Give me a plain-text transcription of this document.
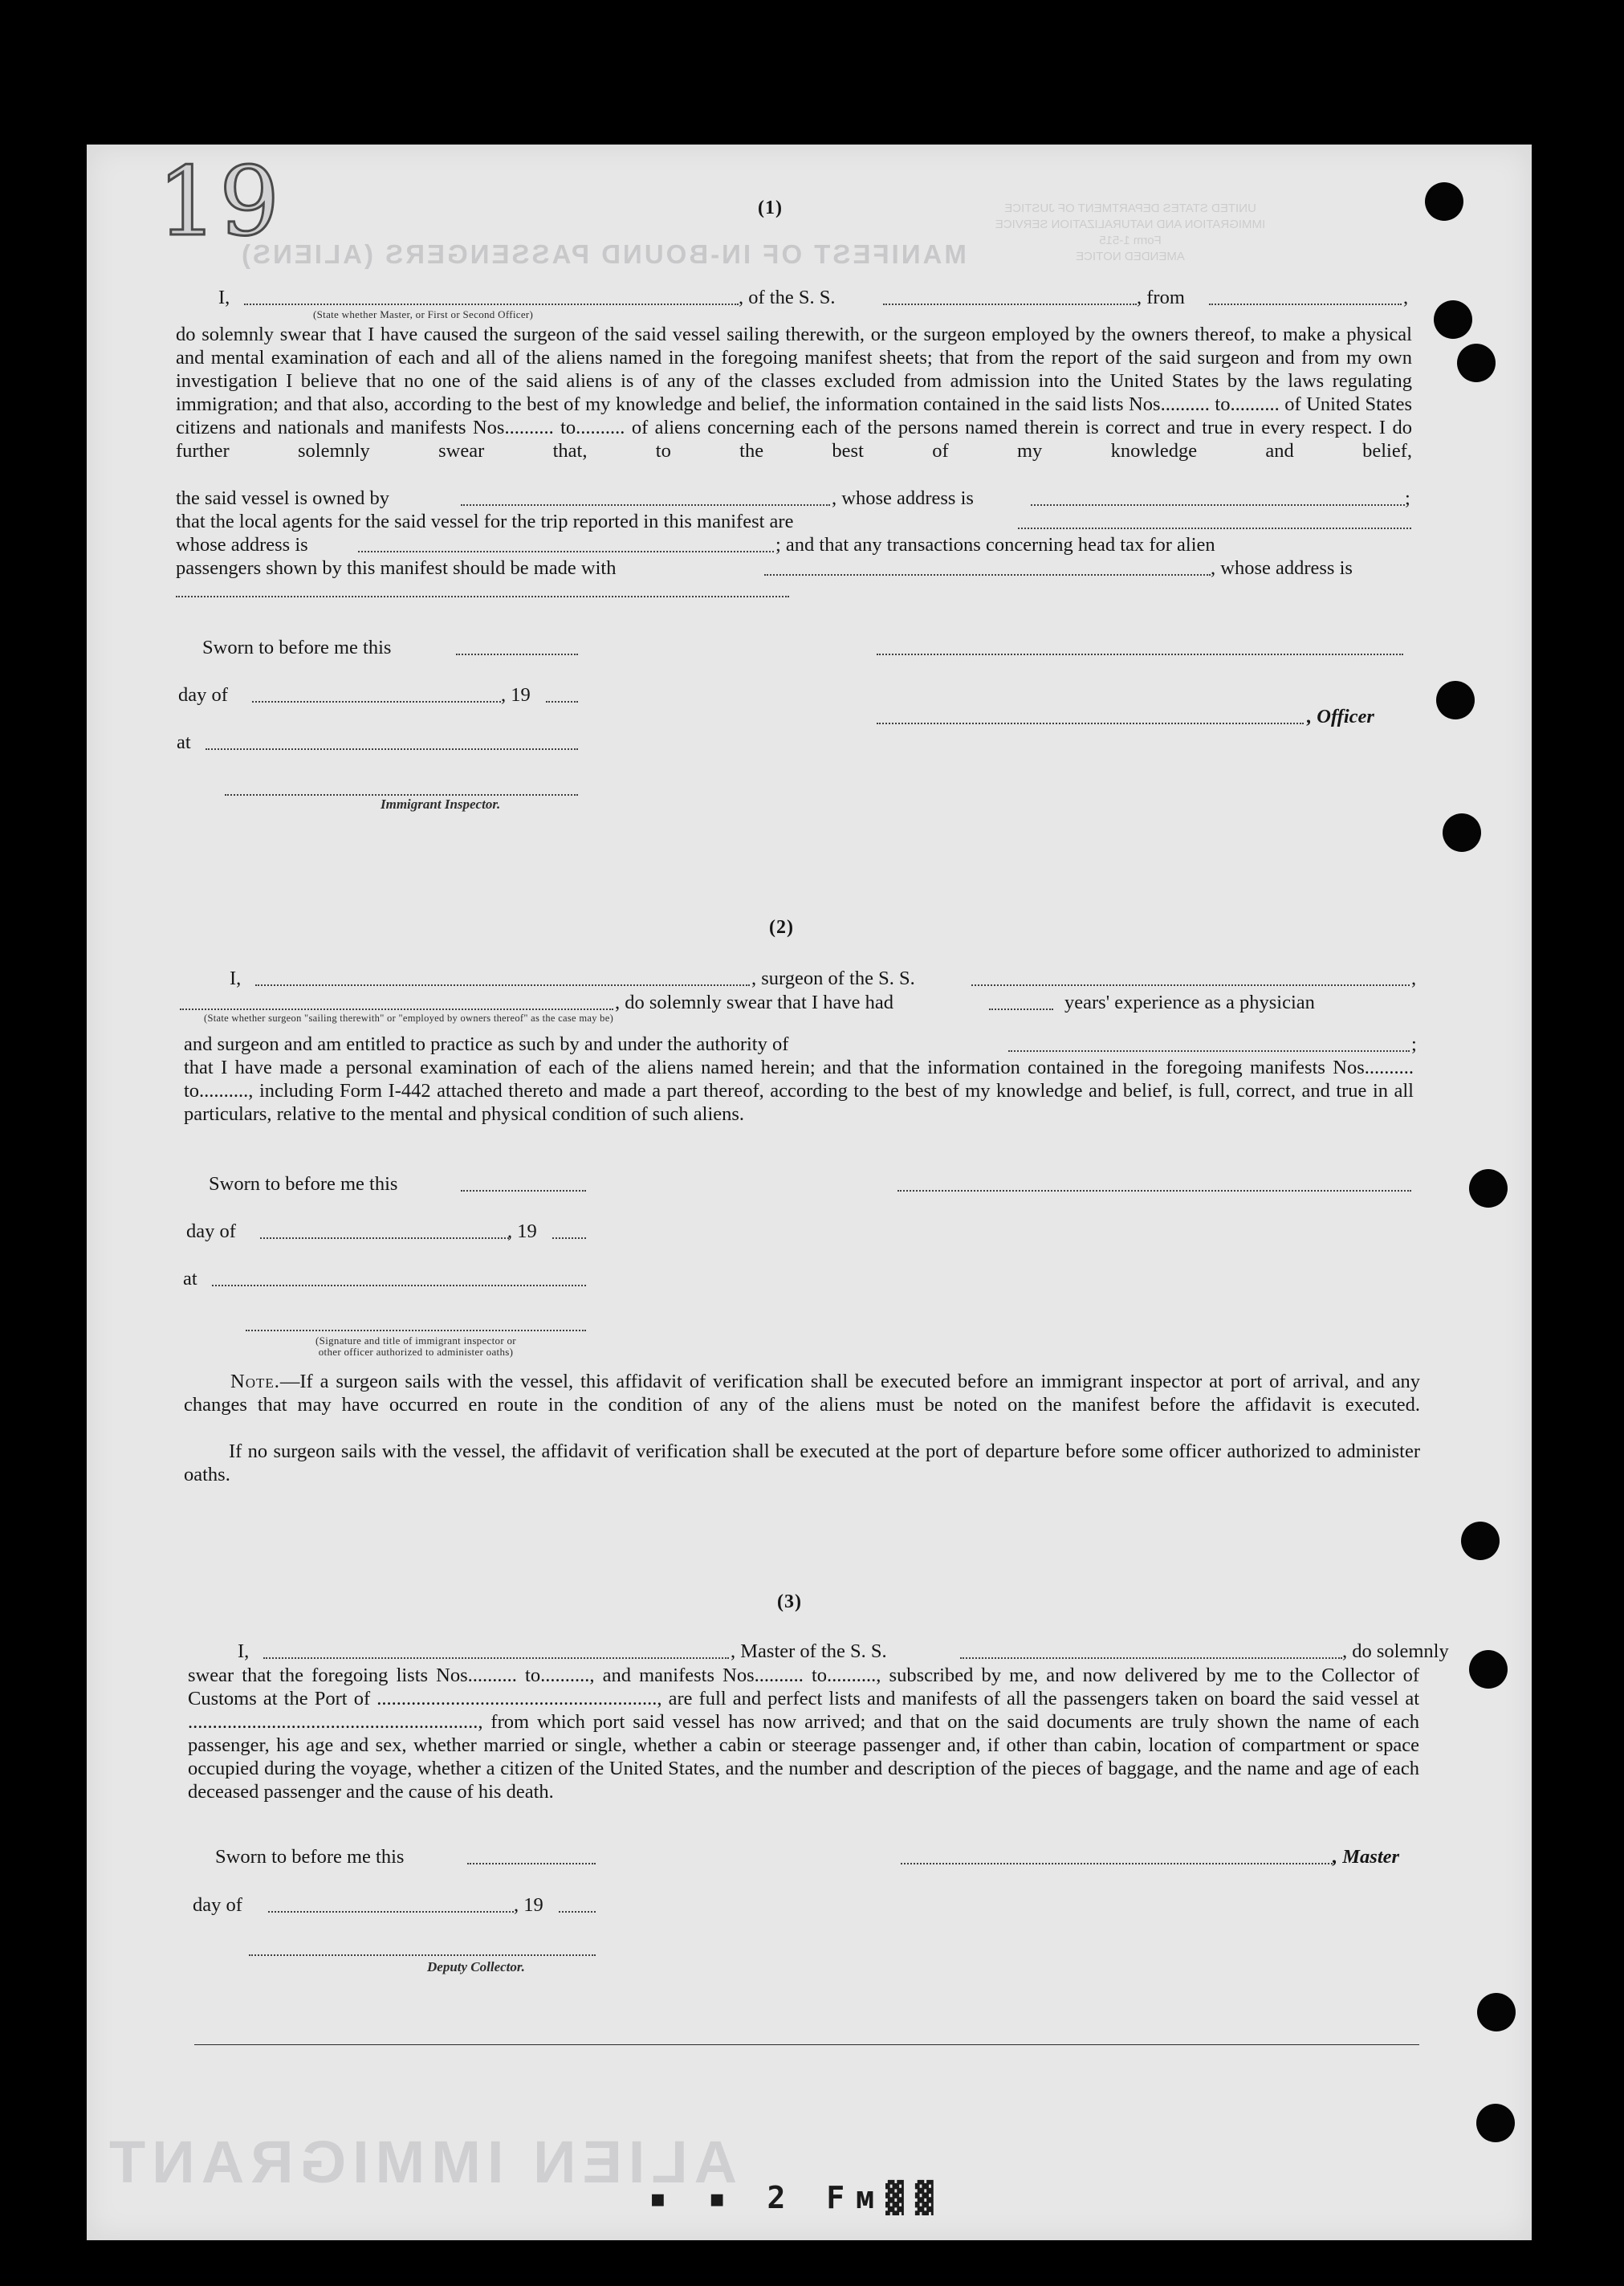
19
MANIFEST OF IN-BOUND PASSENGERS (ALIENS)
UNITED STATES DEPARTMENT OF JUSTICE
IMMIGRATION AND NATURALIZATION SERVICE
Form 1-515
AMENDED NOTICE
(1)
I,	, of the S. S.	, from	,
(State whether Master, or First or Second Officer)
do solemnly swear that I have caused the surgeon of the said vessel sailing therewith, or the surgeon employed by the owners thereof, to make a physical and mental examination of each and all of the aliens named in the foregoing manifest sheets; that from the report of the said surgeon and from my own investigation I believe that no one of the said aliens is of any of the classes excluded from admission into the United States by the laws regulating immigration; and that also, according to the best of my knowledge and belief, the information contained in the said lists Nos.......... to.......... of United States citizens and nationals and manifests Nos.......... to.......... of aliens concerning each of the persons named therein is correct and true in every respect. I do further solemnly swear that, to the best of my knowledge and belief,
the said vessel is owned by	, whose address is	;
that the local agents for the said vessel for the trip reported in this manifest are
whose address is	; and that any transactions concerning head tax for alien
passengers shown by this manifest should be made with	, whose address is
Sworn to before me this
day of	, 19
, Officer
at
Immigrant Inspector.
(2)
I,	, surgeon of the S. S.	,
, do solemnly swear that I have had	years' experience as a physician
(State whether surgeon "sailing therewith" or "employed by owners thereof" as the case may be)
and surgeon and am entitled to practice as such by and under the authority of	;
that I have made a personal examination of each of the aliens named herein; and that the information contained in the foregoing manifests Nos.......... to.........., including Form I-442 attached thereto and made a part thereof, according to the best of my knowledge and belief, is full, correct, and true in all particulars, relative to the mental and physical condition of such aliens.
Sworn to before me this
day of	, 19
at
(Signature and title of immigrant inspector or
other officer authorized to administer oaths)
Note.—If a surgeon sails with the vessel, this affidavit of verification shall be executed before an immigrant inspector at port of arrival, and any changes that may have occurred en route in the condition of any of the aliens must be noted on the manifest before the affidavit is executed.
If no surgeon sails with the vessel, the affidavit of verification shall be executed at the port of departure before some officer authorized to administer oaths.
(3)
I,	, Master of the S. S.	, do solemnly
swear that the foregoing lists Nos.......... to.........., and manifests Nos.......... to.........., subscribed by me, and now delivered by me to the Collector of Customs at the Port of ........................................................., are full and perfect lists and manifests of all the passengers taken on board the said vessel at ..........................................................., from which port said vessel has now arrived; and that on the said documents are truly shown the name of each passenger, his age and sex, whether married or single, whether a cabin or steerage passenger and, if other than cabin, location of compartment or space occupied during the voyage, whether a citizen of the United States, and the number and description of the pieces of baggage, and the name and age of each deceased passenger and the cause of his death.
Sworn to before me this	, Master
day of	, 19
Deputy Collector.
ALIEN IMMIGRANT
▪ ▪ 2 Fм▓▓
